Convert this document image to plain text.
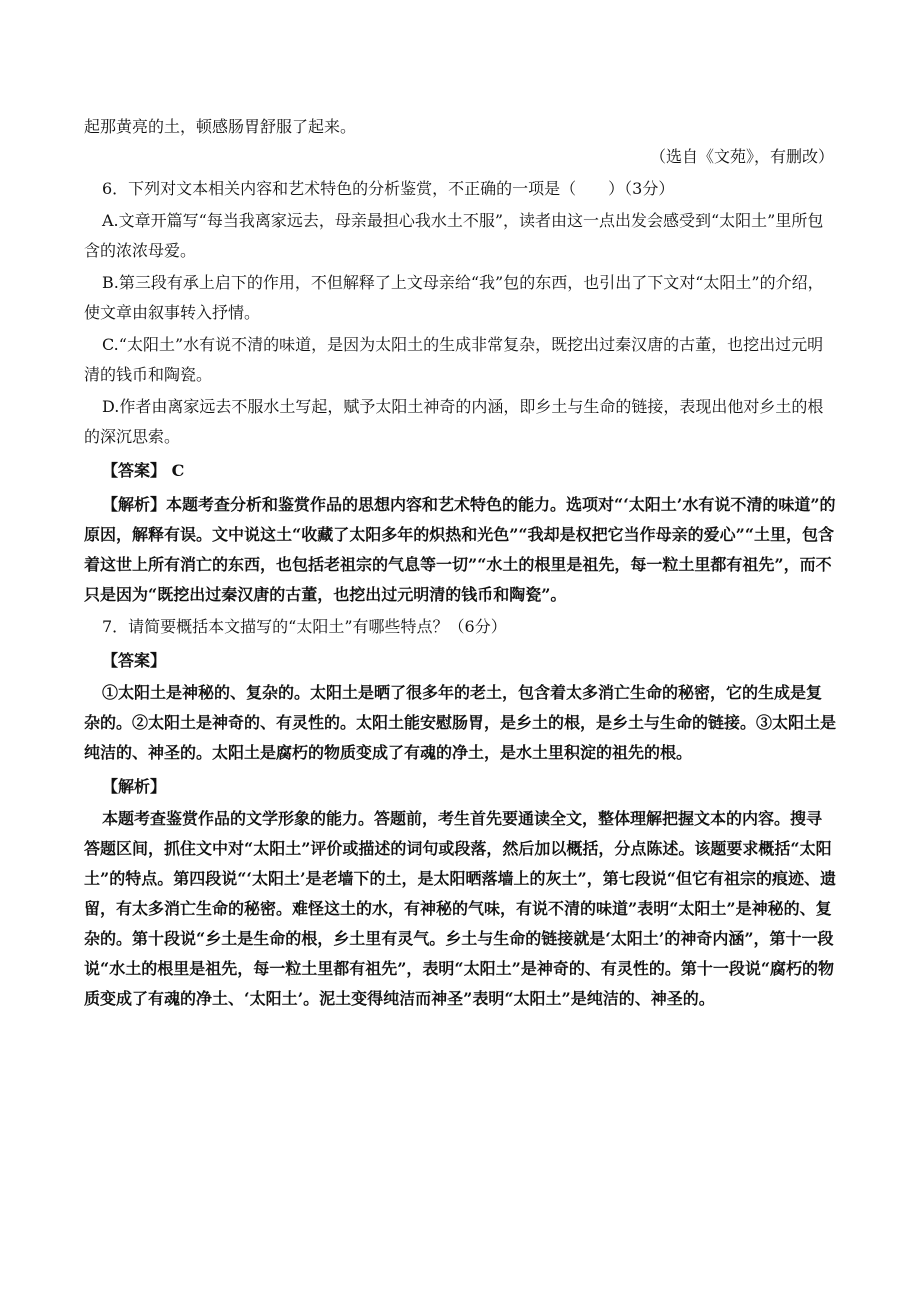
起那黄亮的土，顿感肠胃舒服了起来。

（选自《文苑》，有删改）

6．下列对文本相关内容和艺术特色的分析鉴赏，不正确的一项是（　　）（3分）

A.文章开篇写“每当我离家远去，母亲最担心我水土不服”，读者由这一点出发会感受到“太阳土”里所包含的浓浓母爱。

B.第三段有承上启下的作用，不但解释了上文母亲给“我”包的东西，也引出了下文对“太阳土”的介绍，使文章由叙事转入抒情。

C.“太阳土”水有说不清的味道，是因为太阳土的生成非常复杂，既挖出过秦汉唐的古董，也挖出过元明清的钱币和陶瓷。

D.作者由离家远去不服水土写起，赋予太阳土神奇的内涵，即乡土与生命的链接，表现出他对乡土的根的深沉思索。

【答案】 C

【解析】本题考查分析和鉴赏作品的思想内容和艺术特色的能力。选项对“‘太阳土’水有说不清的味道”的原因，解释有误。文中说这土“收藏了太阳多年的炽热和光色”“我却是权把它当作母亲的爱心”“土里，包含着这世上所有消亡的东西，也包括老祖宗的气息等一切”“水土的根里是祖先，每一粒土里都有祖先”，而不只是因为“既挖出过秦汉唐的古董，也挖出过元明清的钱币和陶瓷”。

7．请简要概括本文描写的“太阳土”有哪些特点？（6分）

【答案】

①太阳土是神秘的、复杂的。太阳土是晒了很多年的老土，包含着太多消亡生命的秘密，它的生成是复杂的。②太阳土是神奇的、有灵性的。太阳土能安慰肠胃，是乡土的根，是乡土与生命的链接。③太阳土是纯洁的、神圣的。太阳土是腐朽的物质变成了有魂的净土，是水土里积淀的祖先的根。

【解析】

本题考查鉴赏作品的文学形象的能力。答题前，考生首先要通读全文，整体理解把握文本的内容。搜寻答题区间，抓住文中对“太阳土”评价或描述的词句或段落，然后加以概括，分点陈述。该题要求概括“太阳土”的特点。第四段说“‘太阳土’是老墙下的土，是太阳晒落墙上的灰土”，第七段说“但它有祖宗的痕迹、遗留，有太多消亡生命的秘密。难怪这土的水，有神秘的气味，有说不清的味道”表明“太阳土”是神秘的、复杂的。第十段说“乡土是生命的根，乡土里有灵气。乡土与生命的链接就是‘太阳土’的神奇内涵”，第十一段说“水土的根里是祖先，每一粒土里都有祖先”，表明“太阳土”是神奇的、有灵性的。第十一段说“腐朽的物质变成了有魂的净土、‘太阳土’。泥土变得纯洁而神圣”表明“太阳土”是纯洁的、神圣的。
